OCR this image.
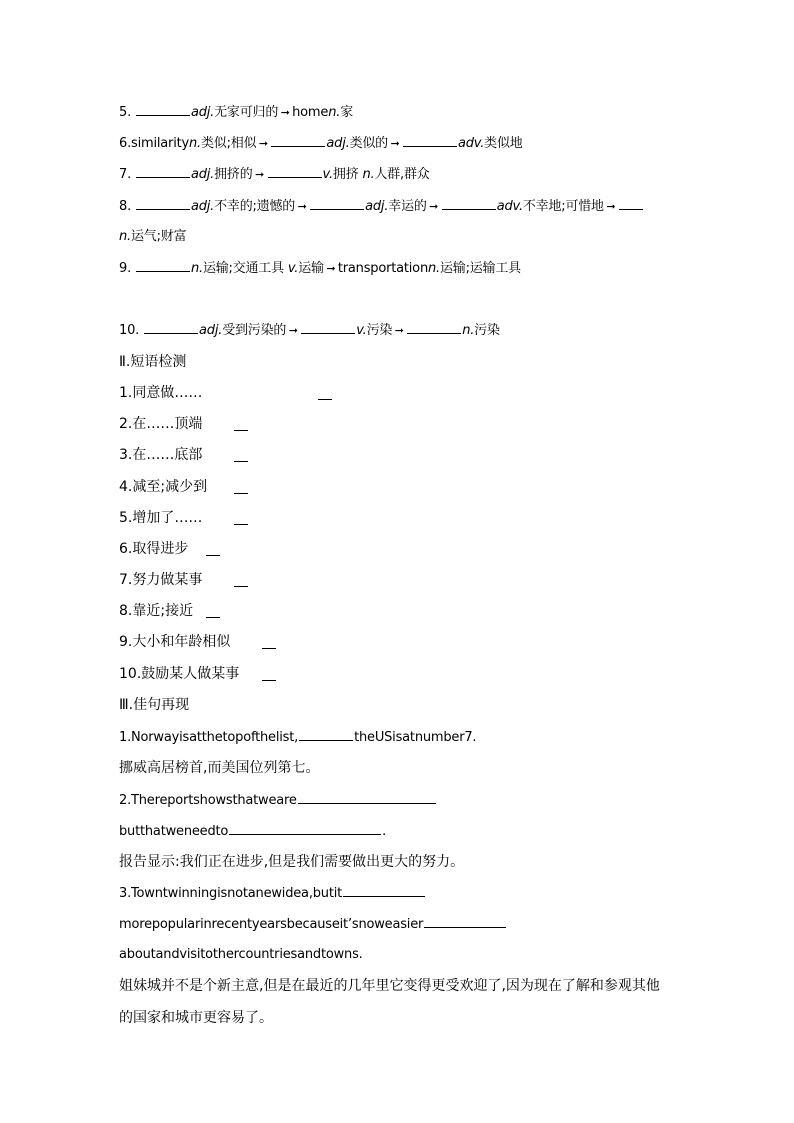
5.	adj.无家可归的 ➞ homen.家
6.similarityn.类似;相似 ➞	adj.类似的 ➞	adv.类似地
7.	adj.拥挤的 ➞	v.拥挤 n.人群,群众
8.	adj.不幸的;遗憾的 ➞	adj.幸运的 ➞	adv.不幸地;可惜地 ➞
n.运气;财富
9.	n.运输;交通工具 v.运输 ➞ transportationn.运输;运输工具
10.	adj.受到污染的 ➞	v.污染 ➞	n.污染
Ⅱ.短语检测
1.同意做……
2.在……顶端
3.在……底部
4.减至;减少到
5.增加了……
6.取得进步
7.努力做某事
8.靠近;接近
9.大小和年龄相似
10.鼓励某人做某事
Ⅲ.佳句再现
1.Norwayisatthetopofthelist,	theUSisatnumber7.
挪威高居榜首,而美国位列第七。
2.Thereportshowsthatweare
butthatweneedto	.
报告显示:我们正在进步,但是我们需要做出更大的努力。
3.Towntwinningisnotanewidea,butit
morepopularinrecentyearsbecauseit’snoweasier
aboutandvisitothercountriesandtowns.
姐妹城并不是个新主意,但是在最近的几年里它变得更受欢迎了,因为现在了解和参观其他
的国家和城市更容易了。
